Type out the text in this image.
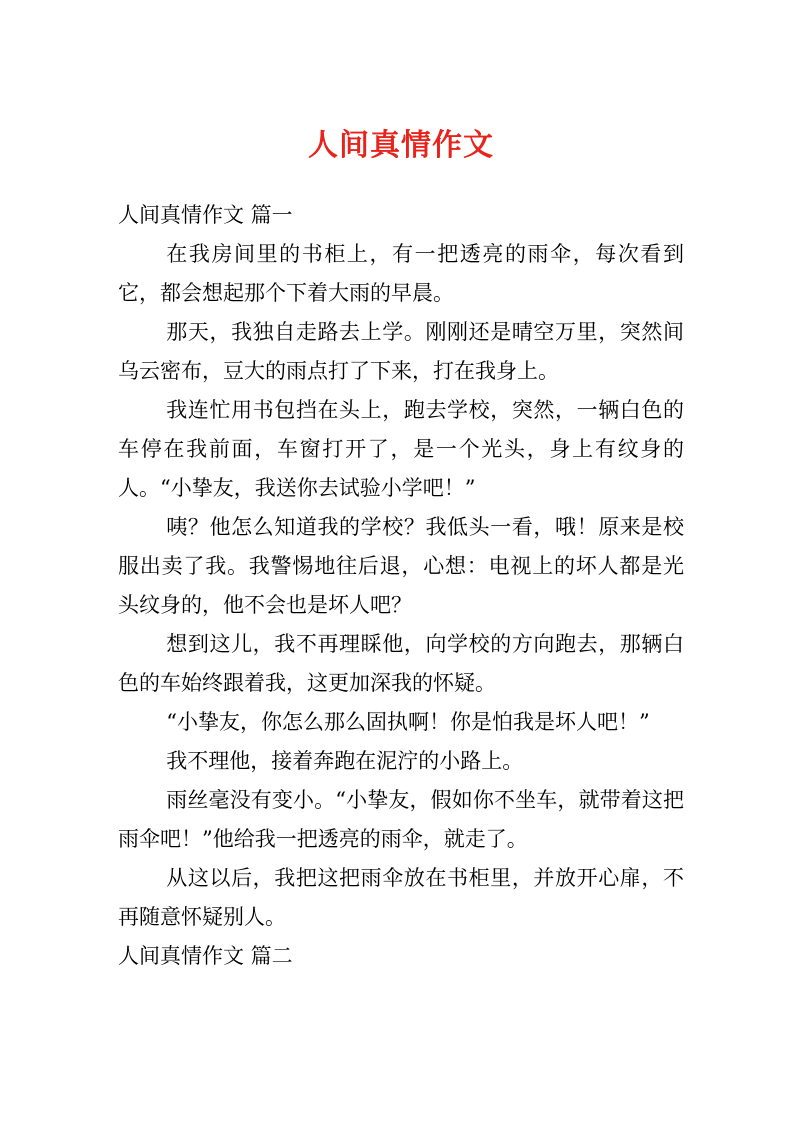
人间真情作文

人间真情作文 篇一

在我房间里的书柜上，有一把透亮的雨伞，每次看到它，都会想起那个下着大雨的早晨。

那天，我独自走路去上学。刚刚还是晴空万里，突然间乌云密布，豆大的雨点打了下来，打在我身上。

我连忙用书包挡在头上，跑去学校，突然，一辆白色的车停在我前面，车窗打开了，是一个光头，身上有纹身的人。“小挚友，我送你去试验小学吧！”

咦？他怎么知道我的学校？我低头一看，哦！原来是校服出卖了我。我警惕地往后退，心想：电视上的坏人都是光头纹身的，他不会也是坏人吧？

想到这儿，我不再理睬他，向学校的方向跑去，那辆白色的车始终跟着我，这更加深我的怀疑。

“小挚友，你怎么那么固执啊！你是怕我是坏人吧！”

我不理他，接着奔跑在泥泞的小路上。

雨丝毫没有变小。“小挚友，假如你不坐车，就带着这把雨伞吧！”他给我一把透亮的雨伞，就走了。

从这以后，我把这把雨伞放在书柜里，并放开心扉，不再随意怀疑别人。

人间真情作文 篇二
